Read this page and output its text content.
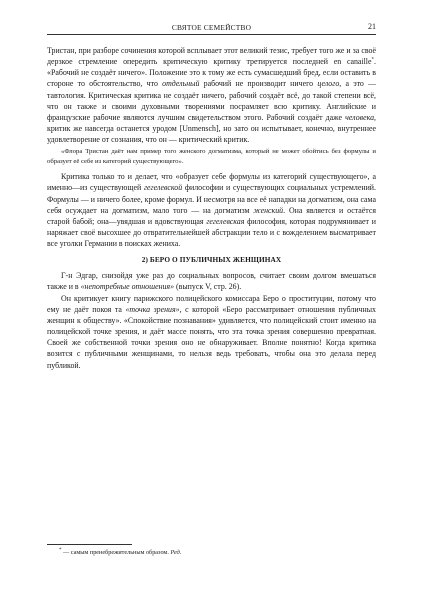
СВЯТОЕ СЕМЕЙСТВО	21

Тристан, при разборе сочинения которой всплывает этот великий тезис, требует того же и за своё дерзкое стремление опередить критическую критику третируется последней en canaille*. «Рабочий не создаёт ничего». Положение это к тому же есть сумасшедший бред, если оставить в стороне то обстоятельство, что отдельный рабочий не производит ничего целого, а это — тавтология. Критическая критика не создаёт ничего, рабочий создаёт всё, до такой степени всё, что он также и своими духовными творениями посрамляет всю критику. Английские и французские рабочие являются лучшим свидетельством этого. Рабочий создаёт даже человека, критик же навсегда останется уродом [Unmensch], но зато он испытывает, конечно, внутреннее удовлетворение от сознания, что он — критический критик.

«Флора Тристан даёт нам пример того женского догматизма, который не может обойтись без формулы и образует её себе из категорий существующего».

Критика только то и делает, что «образует себе формулы из категорий существующего», а именно—из существующей гегелевской философии и существующих социальных устремлений. Формулы — и ничего более, кроме формул. И несмотря на все её нападки на догматизм, она сама себя осуждает на догматизм, мало того — на догматизм женский. Она является и остаётся старой бабой; она—увядшая и вдовствующая гегелевская философия, которая подрумянивает и наряжает своё высохшее до отвратительнейшей абстракции тело и с вожделением высматривает все уголки Германии в поисках жениха.

2) БЕРО О ПУБЛИЧНЫХ ЖЕНЩИНАХ

Г-н Эдгар, снизойдя уже раз до социальных вопросов, считает своим долгом вмешаться также и в «непотребные отношения» (выпуск V, стр. 26).

Он критикует книгу парижского полицейского комиссара Беро о проституции, потому что ему не даёт покоя та «точка зрения», с которой «Беро рассматривает отношения публичных женщин к обществу». «Спокойствие познавания» удивляется, что полицейский стоит именно на полицейской точке зрения, и даёт массе понять, что эта точка зрения совершенно превратная. Своей же собственной точки зрения оно не обнаруживает. Вполне понятно! Когда критика возится с публичными женщинами, то нельзя ведь требовать, чтобы она это делала перед публикой.

* — самым пренебрежительным образом. Ред.
